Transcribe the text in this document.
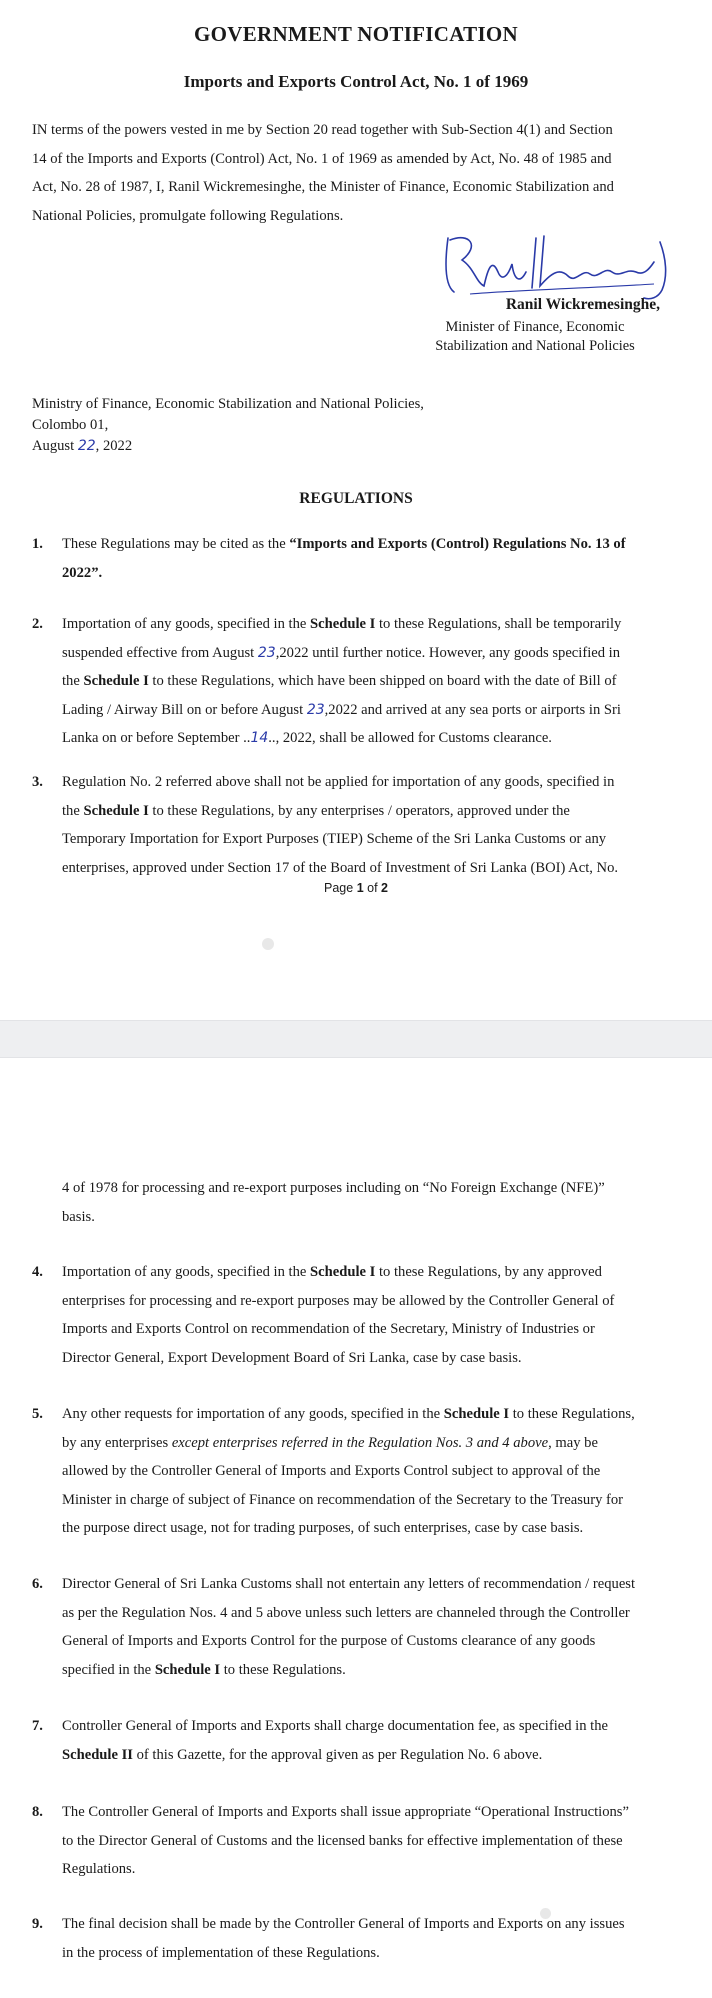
GOVERNMENT NOTIFICATION
Imports and Exports Control Act, No. 1 of 1969
IN terms of the powers vested in me by Section 20 read together with Sub-Section 4(1) and Section
14 of the Imports and Exports (Control) Act, No. 1 of 1969 as amended by Act, No. 48 of 1985 and
Act, No. 28 of 1987, I, Ranil Wickremesinghe, the Minister of Finance, Economic Stabilization and
National Policies, promulgate following Regulations.
Ranil Wickremesinghe,
Minister of Finance, Economic
Stabilization and National Policies
Ministry of Finance, Economic Stabilization and National Policies,
Colombo 01,
August 22, 2022
REGULATIONS
1.	These Regulations may be cited as the “Imports and Exports (Control) Regulations No. 13 of
2022”.
2.	Importation of any goods, specified in the Schedule I to these Regulations, shall be temporarily
suspended effective from August 23,2022 until further notice. However, any goods specified in
the Schedule I to these Regulations, which have been shipped on board with the date of Bill of
Lading / Airway Bill on or before August 23,2022 and arrived at any sea ports or airports in Sri
Lanka on or before September ..14.., 2022, shall be allowed for Customs clearance.
3.	Regulation No. 2 referred above shall not be applied for importation of any goods, specified in
the Schedule I to these Regulations, by any enterprises / operators, approved under the
Temporary Importation for Export Purposes (TIEP) Scheme of the Sri Lanka Customs or any
enterprises, approved under Section 17 of the Board of Investment of Sri Lanka (BOI) Act, No.
Page 1 of 2
4 of 1978 for processing and re-export purposes including on “No Foreign Exchange (NFE)”
basis.
4.	Importation of any goods, specified in the Schedule I to these Regulations, by any approved
enterprises for processing and re-export purposes may be allowed by the Controller General of
Imports and Exports Control on recommendation of the Secretary, Ministry of Industries or
Director General, Export Development Board of Sri Lanka, case by case basis.
5.	Any other requests for importation of any goods, specified in the Schedule I to these Regulations,
by any enterprises except enterprises referred in the Regulation Nos. 3 and 4 above, may be
allowed by the Controller General of Imports and Exports Control subject to approval of the
Minister in charge of subject of Finance on recommendation of the Secretary to the Treasury for
the purpose direct usage, not for trading purposes, of such enterprises, case by case basis.
6.	Director General of Sri Lanka Customs shall not entertain any letters of recommendation / request
as per the Regulation Nos. 4 and 5 above unless such letters are channeled through the Controller
General of Imports and Exports Control for the purpose of Customs clearance of any goods
specified in the Schedule I to these Regulations.
7.	Controller General of Imports and Exports shall charge documentation fee, as specified in the
Schedule II of this Gazette, for the approval given as per Regulation No. 6 above.
8.	The Controller General of Imports and Exports shall issue appropriate “Operational Instructions”
to the Director General of Customs and the licensed banks for effective implementation of these
Regulations.
9.	The final decision shall be made by the Controller General of Imports and Exports on any issues
in the process of implementation of these Regulations.
